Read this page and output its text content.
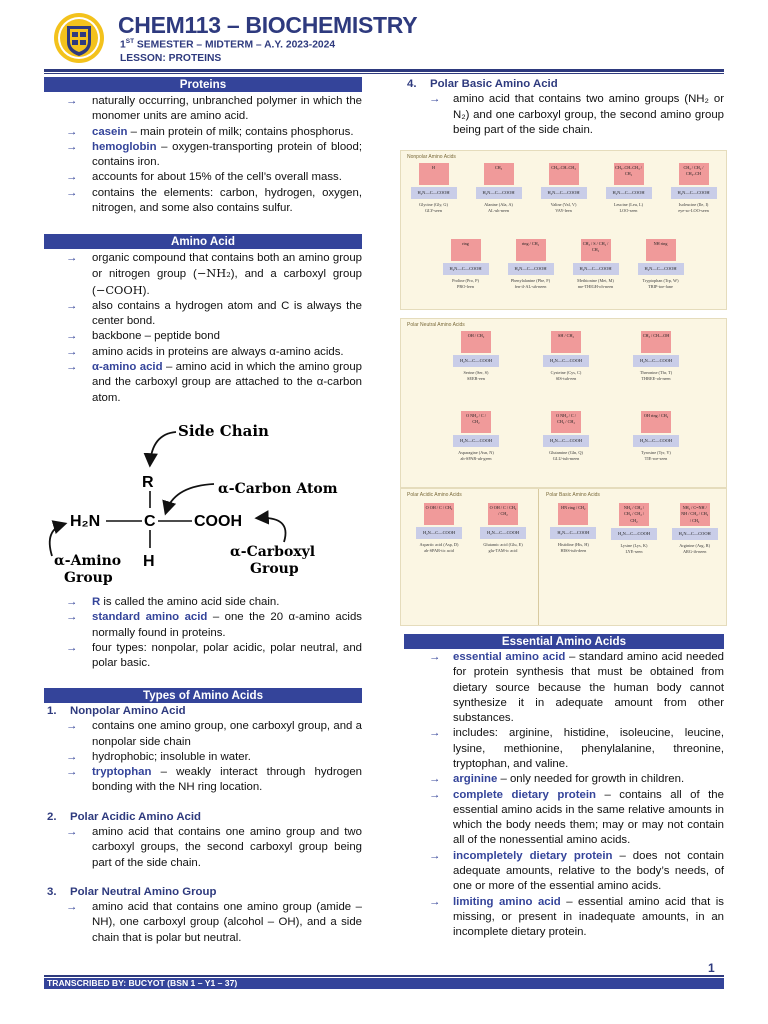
CHEM113 – BIOCHEMISTRY
1ST SEMESTER – MIDTERM – A.Y. 2023-2024
LESSON: PROTEINS
Proteins
→ naturally occurring, unbranched polymer in which the monomer units are amino acid.
→ casein – main protein of milk; contains phosphorus.
→ hemoglobin – oxygen-transporting protein of blood; contains iron.
→ accounts for about 15% of the cell’s overall mass.
→ contains the elements: carbon, hydrogen, oxygen, nitrogen, and some also contains sulfur.
Amino Acid
→ organic compound that contains both an amino group or nitrogen group (−NH₂), and a carboxyl group (−COOH).
→ also contains a hydrogen atom and C is always the center bond.
→ backbone – peptide bond
→ amino acids in proteins are always α-amino acids.
→ α-amino acid – amino acid in which the amino group and the carboxyl group are attached to the α-carbon atom.
Side Chain
R	α-Carbon Atom
H₂N	C COOH
H
α-Carboxyl
Group
α-Amino
Group
→ R is called the amino acid side chain.
→ standard amino acid – one the 20 α-amino acids normally found in proteins.
→ four types: nonpolar, polar acidic, polar neutral, and polar basic.
Types of Amino Acids
1. Nonpolar Amino Acid
→ contains one amino group, one carboxyl group, and a nonpolar side chain
→ hydrophobic; insoluble in water.
→ tryptophan – weakly interact through hydrogen bonding with the NH ring location.
2. Polar Acidic Amino Acid
→ amino acid that contains one amino group and two carboxyl groups, the second carboxyl group being part of the side chain.
3. Polar Neutral Amino Group
→ amino acid that contains one amino group (amide – NH), one carboxyl group (alcohol – OH), and a side chain that is polar but neutral.
4. Polar Basic Amino Acid
→ amino acid that contains two amino groups (NH₂ or N₂) and one carboxyl group, the second amino group being part of the side chain.
Nonpolar Amino Acids
H
H₂N—C—COOH
Glycine (Gly, G)
GLY-seen
CH₃
H₂N—C—COOH
Alanine (Ala, A)
AL-uh-neen
CH₃–CH–CH₃
H₂N—C—COOH
Valine (Val, V)
VAY-leen
CH₃–CH–CH₃ / CH₂
H₂N—C—COOH
Leucine (Leu, L)
LOO-seen
CH₃ / CH₂ / CH₃–CH
H₂N—C—COOH
Isoleucine (Ile, I)
eye-so-LOO-seen
ring
H₂N—C—COOH
Proline (Pro, P)
PRO-leen
ring / CH₂
H₂N—C—COOH
Phenylalanine (Phe, F)
fen-il-AL-uh-neen
CH₃ / S / CH₂ / CH₂
H₂N—C—COOH
Methionine (Met, M)
me-THIGH-oh-neen
NH ring
H₂N—C—COOH
Tryptophan (Trp, W)
TRIP-toe-fane
Polar Neutral Amino Acids
OH / CH₂
H₂N—C—COOH
Serine (Ser, S)
SEER-een
SH / CH₂
H₂N—C—COOH
Cysteine (Cys, C)
SIS-tuh-een
CH₃ / CH—OH
H₂N—C—COOH
Threonine (Thr, T)
THREE-oh-neen
O NH₂ / C / CH₂
H₂N—C—COOH
Asparagine (Asn, N)
ah-SPAR-uh-geen
O NH₂ / C / CH₂ / CH₂
H₂N—C—COOH
Glutamine (Gln, Q)
GLU-tuh-meen
OH ring / CH₂
H₂N—C—COOH
Tyrosine (Tyr, Y)
TIE-roe-seen
Polar Acidic Amino Acids	Polar Basic Amino Acids
O OH / C / CH₂
H₂N—C—COOH
Aspartic acid (Asp, D)
ah-SPAR-tic acid
O OH / C / CH₂ / CH₂
H₂N—C—COOH
Glutamic acid (Glu, E)
glu-TAM-ic acid
HN ring / CH₂
H₂N—C—COOH
Histidine (His, H)
HISS-tuh-deen
NH₂ / CH₂ / CH₂ / CH₂ / CH₂
H₂N—C—COOH
Lysine (Lys, K)
LYE-seen
NH₂ / C=NH / NH / CH₂ / CH₂ / CH₂
H₂N—C—COOH
Arginine (Arg, R)
ARG-ih-neen
Essential Amino Acids
→ essential amino acid – standard amino acid needed for protein synthesis that must be obtained from dietary source because the human body cannot synthesize it in adequate amount from other substances.
→ includes: arginine, histidine, isoleucine, leucine, lysine, methionine, phenylalanine, threonine, tryptophan, and valine.
→ arginine – only needed for growth in children.
→ complete dietary protein – contains all of the essential amino acids in the same relative amounts in which the body needs them; may or may not contain all of the nonessential amino acids.
→ incompletely dietary protein – does not contain adequate amounts, relative to the body’s needs, of one or more of the essential amino acids.
→ limiting amino acid – essential amino acid that is missing, or present in inadequate amounts, in an incomplete dietary protein.
1
TRANSCRIBED BY: BUCYOT (BSN 1 – Y1 – 37)
